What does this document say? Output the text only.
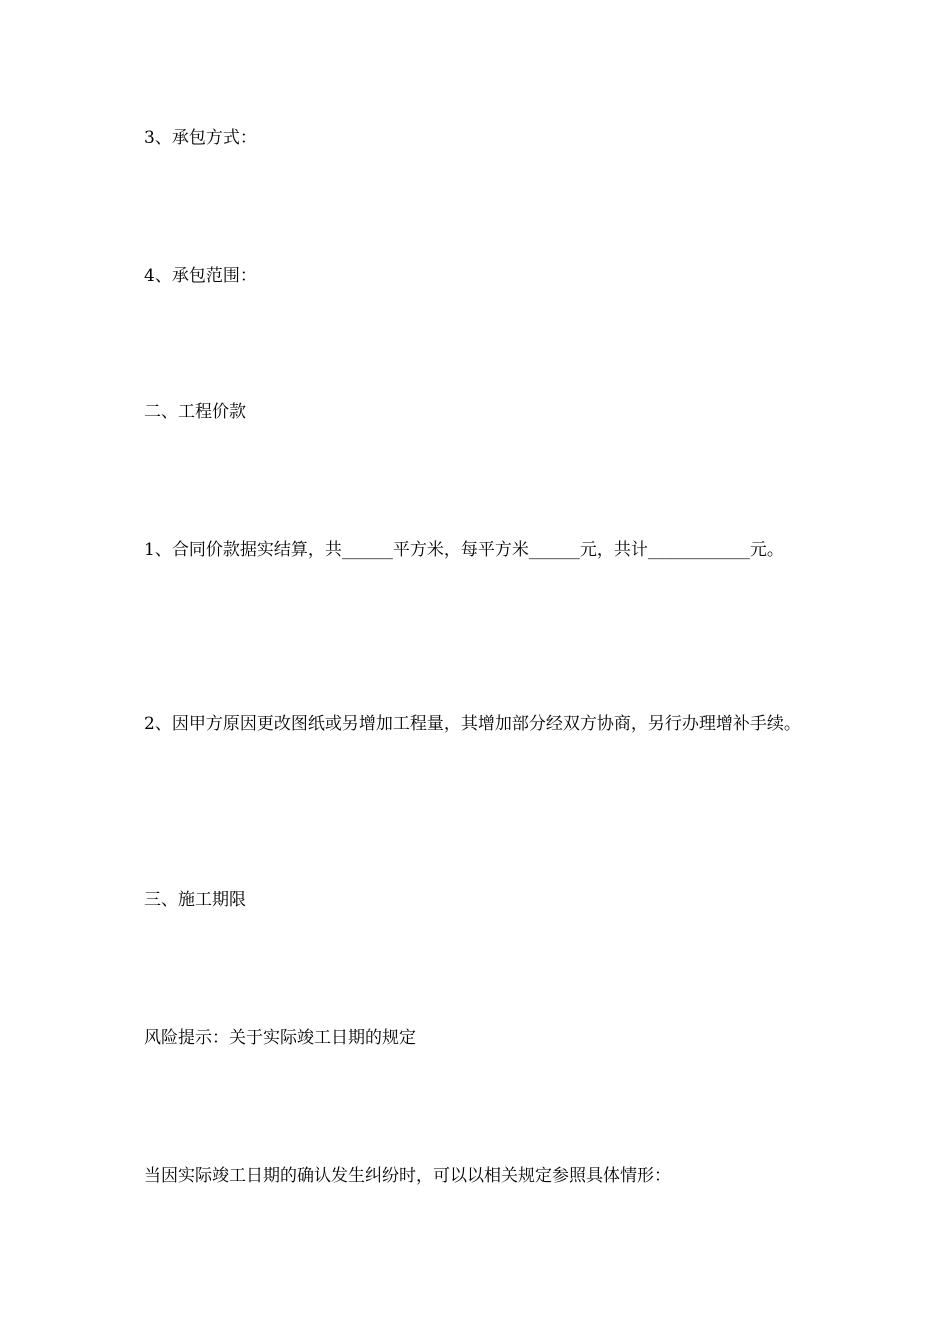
3、承包方式：

4、承包范围：

二、工程价款

1、合同价款据实结算，共______平方米，每平方米______元，共计____________元。

2、因甲方原因更改图纸或另增加工程量，其增加部分经双方协商，另行办理增补手续。

三、施工期限

风险提示：关于实际竣工日期的规定

当因实际竣工日期的确认发生纠纷时，可以以相关规定参照具体情形：
